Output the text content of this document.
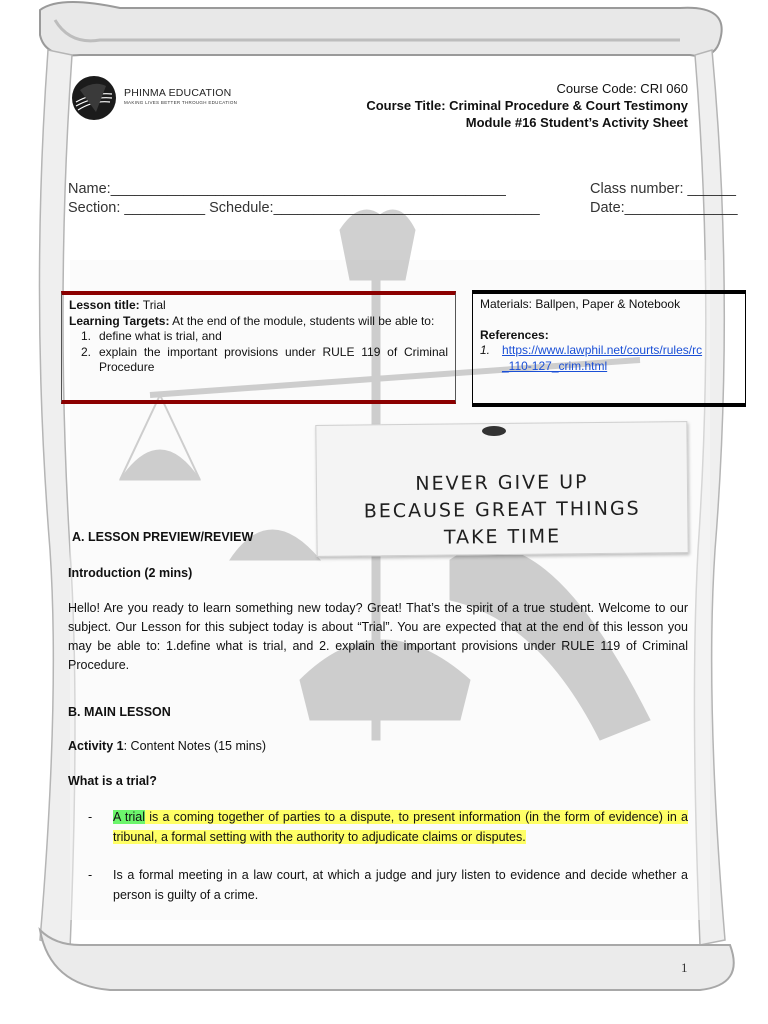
PHINMA EDUCATION
MAKING LIVES BETTER THROUGH EDUCATION
Course Code: CRI 060
Course Title: Criminal Procedure & Court Testimony
Module #16 Student’s Activity Sheet
Name:_________________________________________________
Section: __________ Schedule:_________________________________
Class number: ______
Date:______________
Lesson title: Trial
Learning Targets: At the end of the module, students will be able to:
1. define what is trial, and
2. explain the important provisions under RULE 119 of Criminal Procedure
Materials: Ballpen, Paper & Notebook
References:
1. https://www.lawphil.net/courts/rules/rc
_110-127_crim.html
NEVER GIVE UP
BECAUSE GREAT THINGS
TAKE TIME
A. LESSON PREVIEW/REVIEW
Introduction (2 mins)
Hello! Are you ready to learn something new today? Great! That’s the spirit of a true student. Welcome to our subject. Our Lesson for this subject today is about “Trial”. You are expected that at the end of this lesson you may be able to: 1.define what is trial, and 2. explain the important provisions under RULE 119 of Criminal Procedure.
B. MAIN LESSON
Activity 1: Content Notes (15 mins)
What is a trial?
-	A trial is a coming together of parties to a dispute, to present information (in the form of evidence) in a tribunal, a formal setting with the authority to adjudicate claims or disputes.
-	Is a formal meeting in a law court, at which a judge and jury listen to evidence and decide whether a person is guilty of a crime.
1
